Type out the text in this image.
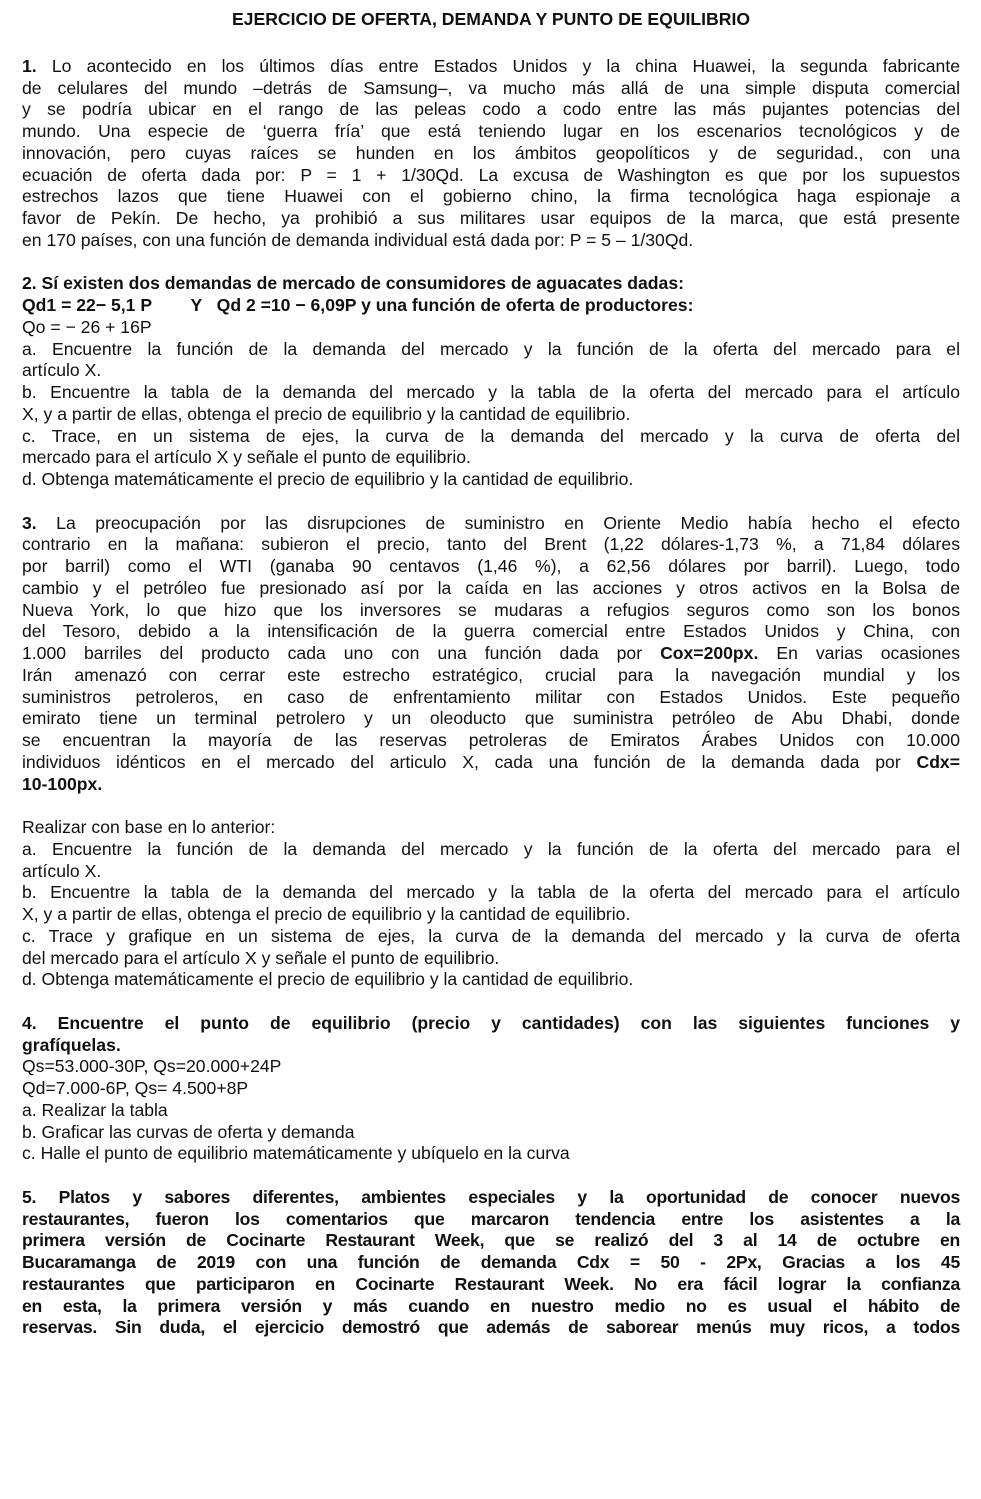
EJERCICIO DE OFERTA, DEMANDA Y PUNTO DE EQUILIBRIO
1. Lo acontecido en los últimos días entre Estados Unidos y la china Huawei, la segunda fabricante
de celulares del mundo –detrás de Samsung–, va mucho más allá de una simple disputa comercial
y se podría ubicar en el rango de las peleas codo a codo entre las más pujantes potencias del
mundo. Una especie de ‘guerra fría’ que está teniendo lugar en los escenarios tecnológicos y de
innovación, pero cuyas raíces se hunden en los ámbitos geopolíticos y de seguridad., con una
ecuación de oferta dada por: P = 1 + 1/30Qd. La excusa de Washington es que por los supuestos
estrechos lazos que tiene Huawei con el gobierno chino, la firma tecnológica haga espionaje a
favor de Pekín. De hecho, ya prohibió a sus militares usar equipos de la marca, que está presente
en 170 países, con una función de demanda individual está dada por: P = 5 – 1/30Qd.
2. Sí existen dos demandas de mercado de consumidores de aguacates dadas:
Qd1 = 22− 5,1 P        Y   Qd 2 =10 − 6,09P y una función de oferta de productores:
Qo = − 26 + 16P
a. Encuentre la función de la demanda del mercado y la función de la oferta del mercado para el
artículo X.
b. Encuentre la tabla de la demanda del mercado y la tabla de la oferta del mercado para el artículo
X, y a partir de ellas, obtenga el precio de equilibrio y la cantidad de equilibrio.
c. Trace, en un sistema de ejes, la curva de la demanda del mercado y la curva de oferta del
mercado para el artículo X y señale el punto de equilibrio.
d. Obtenga matemáticamente el precio de equilibrio y la cantidad de equilibrio.
3. La preocupación por las disrupciones de suministro en Oriente Medio había hecho el efecto
contrario en la mañana: subieron el precio, tanto del Brent (1,22 dólares-1,73 %, a 71,84 dólares
por barril) como el WTI (ganaba 90 centavos (1,46 %), a 62,56 dólares por barril). Luego, todo
cambio y el petróleo fue presionado así por la caída en las acciones y otros activos en la Bolsa de
Nueva York, lo que hizo que los inversores se mudaras a refugios seguros como son los bonos
del Tesoro, debido a la intensificación de la guerra comercial entre Estados Unidos y China, con
1.000 barriles del producto cada uno con una función dada por Cox=200px. En varias ocasiones
Irán amenazó con cerrar este estrecho estratégico, crucial para la navegación mundial y los
suministros petroleros, en caso de enfrentamiento militar con Estados Unidos. Este pequeño
emirato tiene un terminal petrolero y un oleoducto que suministra petróleo de Abu Dhabi, donde
se encuentran la mayoría de las reservas petroleras de Emiratos Árabes Unidos con 10.000
individuos idénticos en el mercado del articulo X, cada una función de la demanda dada por Cdx=
10-100px.
Realizar con base en lo anterior:
a. Encuentre la función de la demanda del mercado y la función de la oferta del mercado para el
artículo X.
b. Encuentre la tabla de la demanda del mercado y la tabla de la oferta del mercado para el artículo
X, y a partir de ellas, obtenga el precio de equilibrio y la cantidad de equilibrio.
c. Trace y grafique en un sistema de ejes, la curva de la demanda del mercado y la curva de oferta
del mercado para el artículo X y señale el punto de equilibrio.
d. Obtenga matemáticamente el precio de equilibrio y la cantidad de equilibrio.
4. Encuentre el punto de equilibrio (precio y cantidades) con las siguientes funciones y
grafíquelas.
Qs=53.000-30P, Qs=20.000+24P
Qd=7.000-6P, Qs= 4.500+8P
a. Realizar la tabla
b. Graficar las curvas de oferta y demanda
c. Halle el punto de equilibrio matemáticamente y ubíquelo en la curva
5. Platos y sabores diferentes, ambientes especiales y la oportunidad de conocer nuevos
restaurantes, fueron los comentarios que marcaron tendencia entre los asistentes a la
primera versión de Cocinarte Restaurant Week, que se realizó del 3 al 14 de octubre en
Bucaramanga de 2019 con una función de demanda Cdx = 50 - 2Px, Gracias a los 45
restaurantes que participaron en Cocinarte Restaurant Week. No era fácil lograr la confianza
en esta, la primera versión y más cuando en nuestro medio no es usual el hábito de
reservas. Sin duda, el ejercicio demostró que además de saborear menús muy ricos, a todos
